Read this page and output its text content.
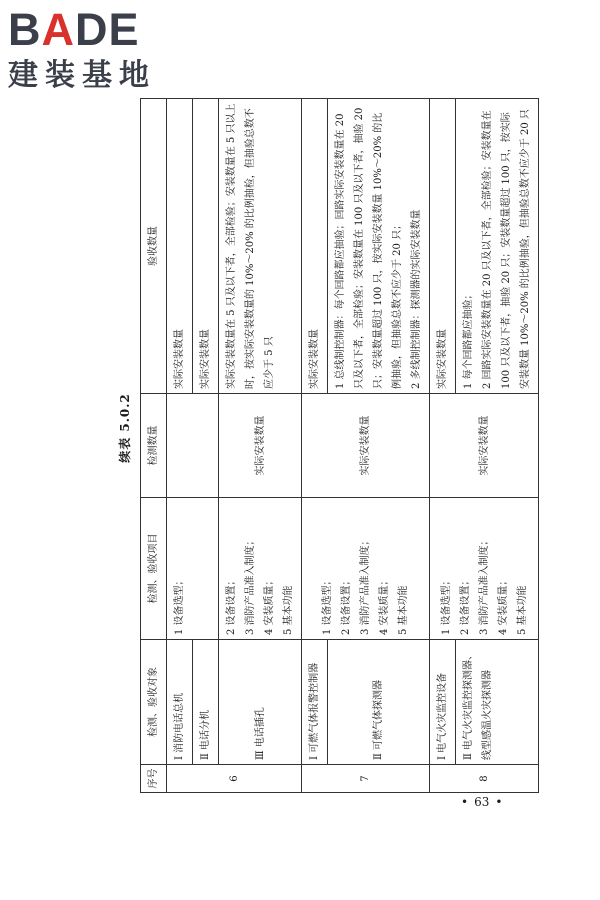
BADE
建装基地
续表 5.0.2
序号	检测、验收对象	检测、验收项目	检测数量	验收数量
6	Ⅰ 消防电话总机	1 设备选型；		实际安装数量
	Ⅱ 电话分机			实际安装数量
	Ⅲ 电话插孔	2 设备设置； 3 消防产品准入制度； 4 安装质量； 5 基本功能	实际安装数量	实际安装数量在 5 只及以下者，全部检验；安装数量在 5 只以上时，按实际安装数量的 10%～20% 的比例抽检，但抽验总数不应少于 5 只
7	Ⅰ 可燃气体报警控制器	1 设备选型； 2 设备设置； 3 消防产品准入制度； 4 安装质量； 5 基本功能	实际安装数量	实际安装数量
	Ⅱ 可燃气体探测器			1 总线制控制器：每个回路都应抽验；回路实际安装数量在 20 只及以下者，全部检验；安装数量在 100 只及以下者，抽验 20 只；安装数量超过 100 只，按实际安装数量 10%～20% 的比例抽验，但抽验总数不应少于 20 只； 2 多线制控制器：探测器的实际安装数量

8	Ⅰ 电气火灾监控设备	1 设备选型； 2 设备设置； 3 消防产品准入制度； 4 安装质量； 5 基本功能	实际安装数量	实际安装数量
	Ⅱ 电气火灾监控探测器、线型感温火灾探测器			1 每个回路都应抽验； 2 回路实际安装数量在 20 只及以下者，全部检验；安装数量在 100 只及以下者，抽验 20 只；安装数量超过 100 只，按实际安装数量 10%～20% 的比例抽验，但抽验总数不应少于 20 只
• 63 •
